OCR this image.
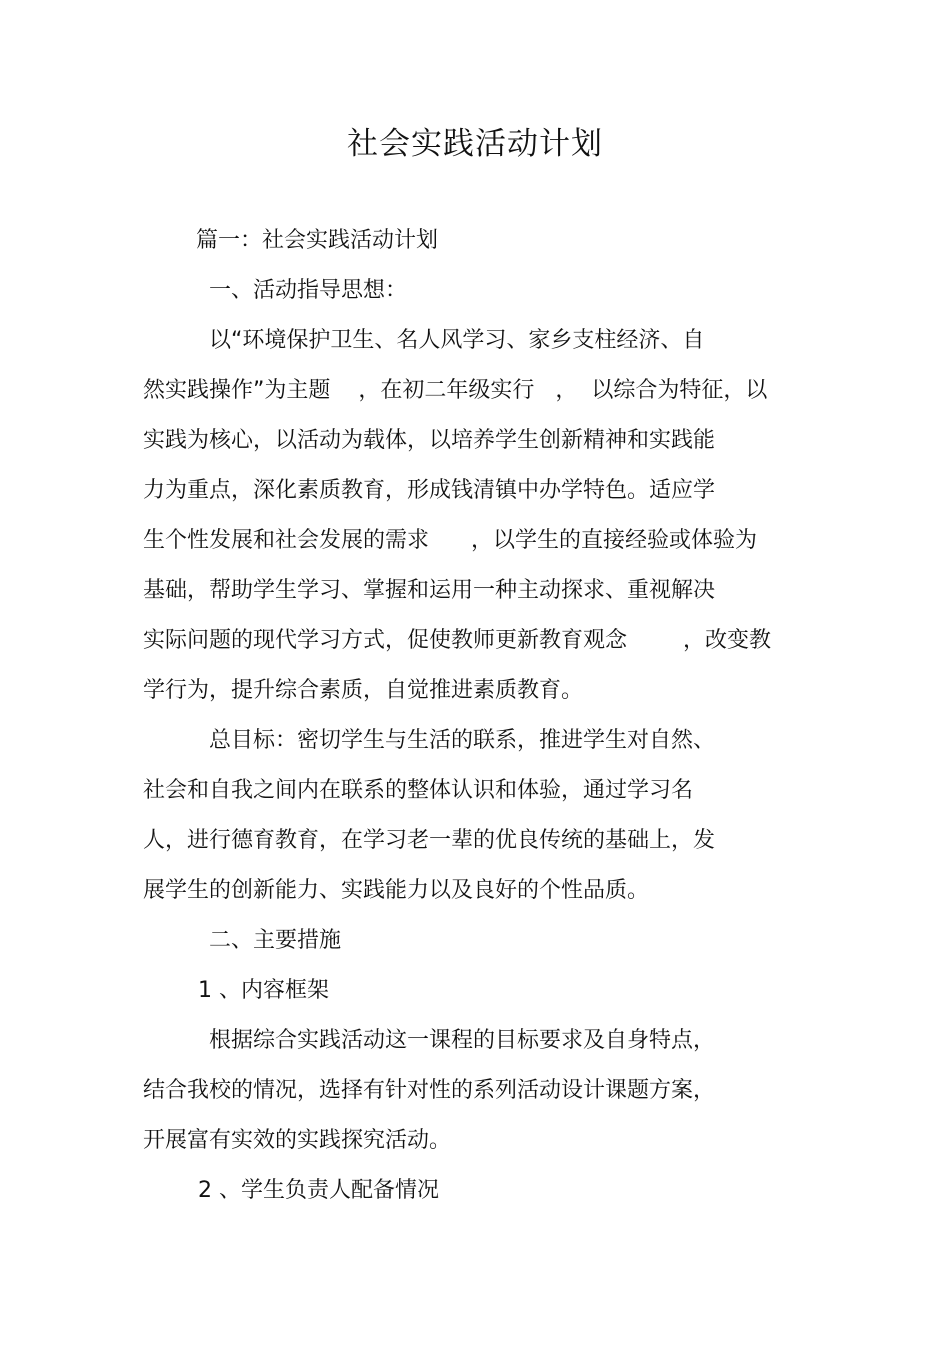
社会实践活动计划
篇一：社会实践活动计划
一、活动指导思想：
以“环境保护卫生、名人风学习、家乡支柱经济、自
然实践操作”为主题    ，在初二年级实行   ，  以综合为特征，以
实践为核心，以活动为载体，以培养学生创新精神和实践能
力为重点，深化素质教育，形成钱清镇中办学特色。适应学
生个性发展和社会发展的需求      ，以学生的直接经验或体验为
基础，帮助学生学习、掌握和运用一种主动探求、重视解决
实际问题的现代学习方式，促使教师更新教育观念        ，改变教
学行为，提升综合素质，自觉推进素质教育。
总目标：密切学生与生活的联系，推进学生对自然、
社会和自我之间内在联系的整体认识和体验，通过学习名
人，进行德育教育，在学习老一辈的优良传统的基础上，发
展学生的创新能力、实践能力以及良好的个性品质。
二、主要措施
1 、内容框架
根据综合实践活动这一课程的目标要求及自身特点，
结合我校的情况，选择有针对性的系列活动设计课题方案，
开展富有实效的实践探究活动。
2 、学生负责人配备情况
